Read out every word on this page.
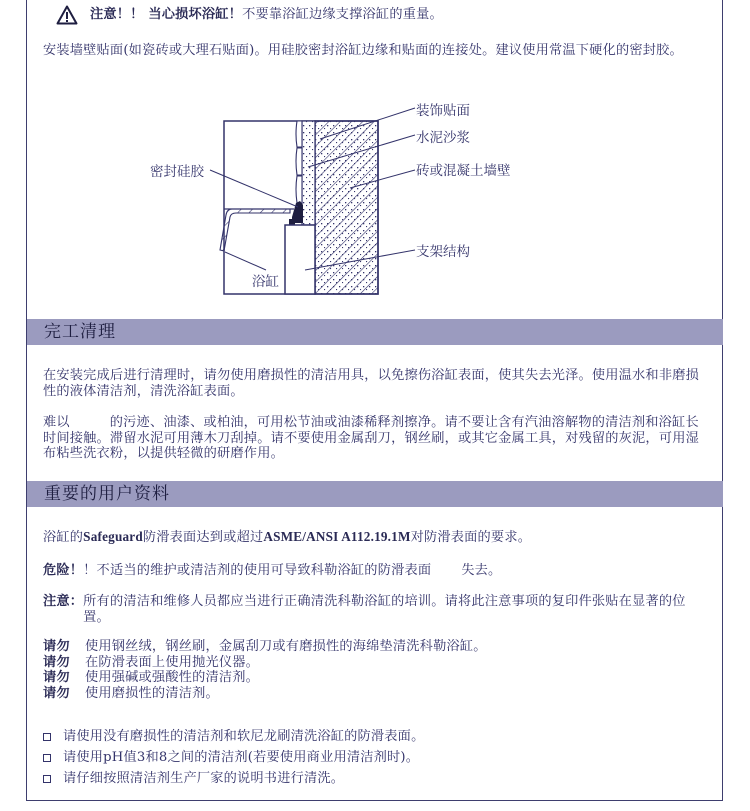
注意！！ 当心损坏浴缸！ 不要靠浴缸边缘支撑浴缸的重量。
安装墙壁贴面(如瓷砖或大理石贴面)。用硅胶密封浴缸边缘和贴面的连接处。建议使用常温下硬化的密封胶。
装饰贴面
水泥沙浆
砖或混凝土墙壁
密封硅胶
支架结构
浴缸
完工清理
在安装完成后进行清理时，请勿使用磨损性的清洁用具，以免擦伤浴缸表面，使其失去光泽。使用温水和非磨损性的液体清洁剂，清洗浴缸表面。
难以	的污迹、油漆、或柏油，可用松节油或油漆稀释剂擦净。请不要让含有汽油溶解物的清洁剂和浴缸长时间接触。滞留水泥可用薄木刀刮掉。请不要使用金属刮刀，钢丝刷，或其它金属工具，对残留的灰泥，可用湿布粘些洗衣粉，以提供轻微的研磨作用。
重要的用户资料
浴缸的Safeguard防滑表面达到或超过ASME/ANSI A112.19.1M对防滑表面的要求。
危险！！不适当的维护或清洁剂的使用可导致科勒浴缸的防滑表面 失去。
注意： 所有的清洁和维修人员都应当进行正确清洗科勒浴缸的培训。请将此注意事项的复印件张贴在显著的位置。
请勿	使用钢丝绒，钢丝刷，金属刮刀或有磨损性的海绵垫清洗科勒浴缸。
请勿	在防滑表面上使用抛光仪器。
请勿	使用强碱或强酸性的清洁剂。
请勿	使用磨损性的清洁剂。
请使用没有磨损性的清洁剂和软尼龙刷清洗浴缸的防滑表面。
请使用pH值3和8之间的清洁剂(若要使用商业用清洁剂时)。
请仔细按照清洁剂生产厂家的说明书进行清洗。
